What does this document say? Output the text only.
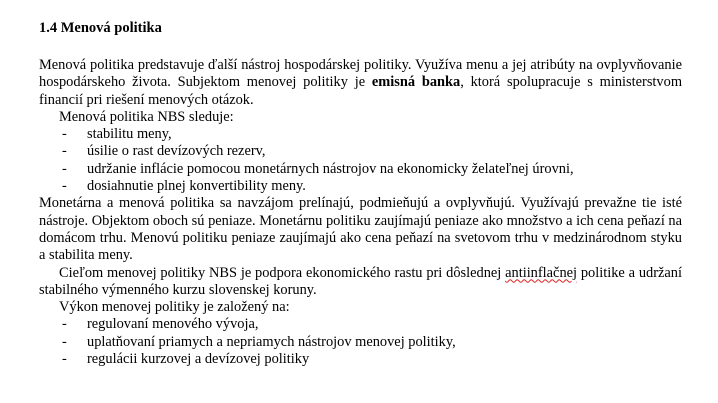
1.4 Menová politika

Menová politika predstavuje ďalší nástroj hospodárskej politiky. Využíva menu a jej atribúty na ovplyvňovanie hospodárskeho života. Subjektom menovej politiky je emisná banka, ktorá spolupracuje s ministerstvom financií pri riešení menových otázok.

Menová politika NBS sleduje:

- stabilitu meny,
- úsilie o rast devízových rezerv,
- udržanie inflácie pomocou monetárnych nástrojov na ekonomicky želateľnej úrovni,
- dosiahnutie plnej konvertibility meny.

Monetárna a menová politika sa navzájom prelínajú, podmieňujú a ovplyvňujú. Využívajú prevažne tie isté nástroje. Objektom oboch sú peniaze. Monetárnu politiku zaujímajú peniaze ako množstvo a ich cena peňazí na domácom trhu. Menovú politiku peniaze zaujímajú ako cena peňazí na svetovom trhu v medzinárodnom styku a stabilita meny.

Cieľom menovej politiky NBS je podpora ekonomického rastu pri dôslednej antiinflačnej politike a udržaní stabilného výmenného kurzu slovenskej koruny.

Výkon menovej politiky je založený na:

- regulovaní menového vývoja,
- uplatňovaní priamych a nepriamych nástrojov menovej politiky,
- regulácii kurzovej a devízovej politiky
